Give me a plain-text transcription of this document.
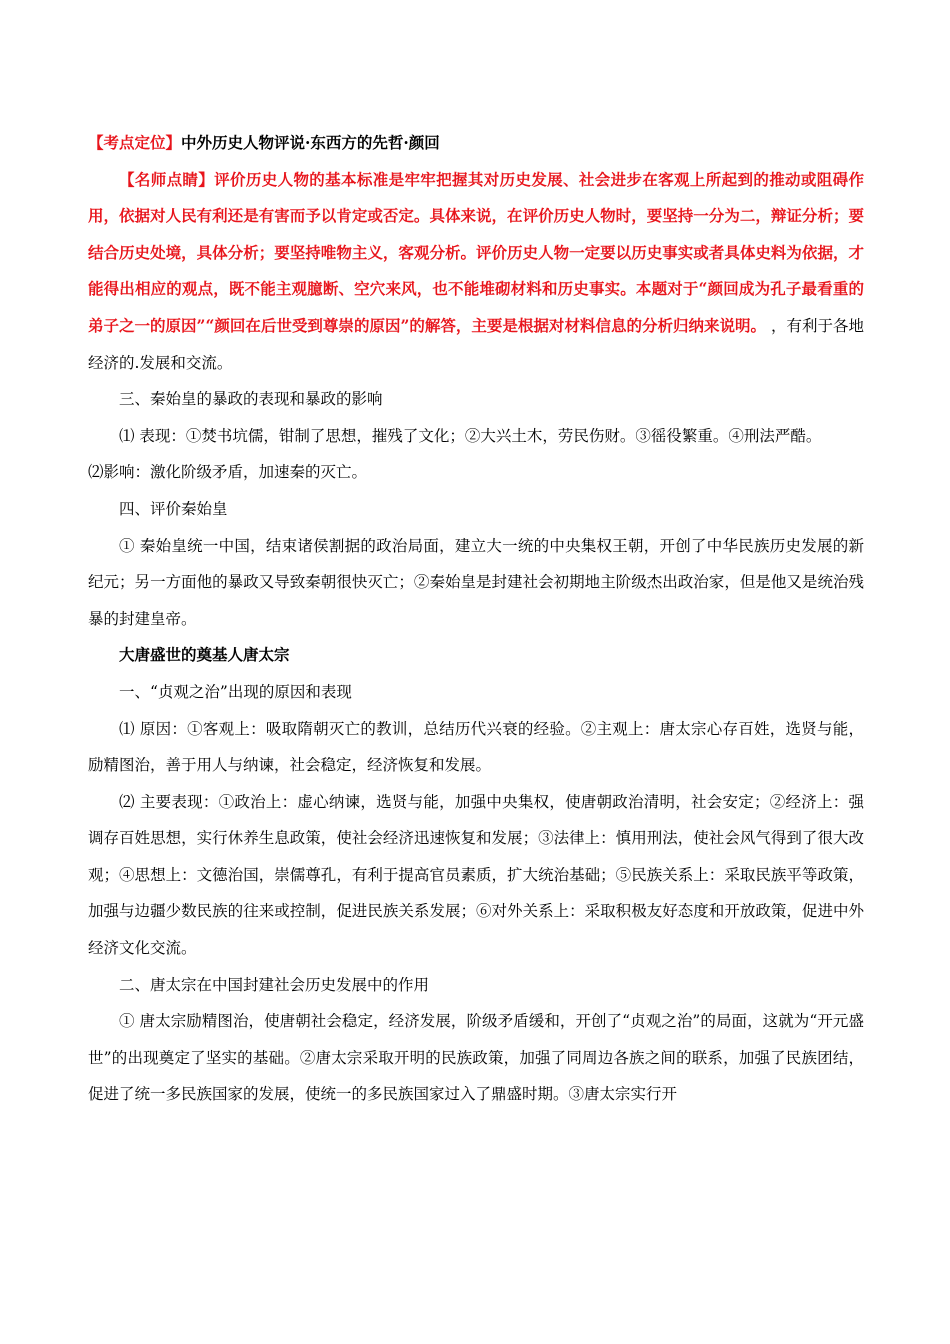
【考点定位】中外历史人物评说·东西方的先哲·颜回

【名师点睛】评价历史人物的基本标准是牢牢把握其对历史发展、社会进步在客观上所起到的推动或阻碍作用，依据对人民有利还是有害而予以肯定或否定。具体来说，在评价历史人物时，要坚持一分为二，辩证分析；要结合历史处境，具体分析；要坚持唯物主义，客观分析。评价历史人物一定要以历史事实或者具体史料为依据，才能得出相应的观点，既不能主观臆断、空穴来风，也不能堆砌材料和历史事实。本题对于“颜回成为孔子最看重的弟子之一的原因”“颜回在后世受到尊崇的原因”的解答，主要是根据对材料信息的分析归纳来说明。 ，有利于各地经济的.发展和交流。

三、秦始皇的暴政的表现和暴政的影响

⑴ 表现：①焚书坑儒，钳制了思想，摧残了文化；②大兴土木，劳民伤财。③徭役繁重。④刑法严酷。

⑵影响：激化阶级矛盾，加速秦的灭亡。

四、评价秦始皇

① 秦始皇统一中国，结束诸侯割据的政治局面，建立大一统的中央集权王朝，开创了中华民族历史发展的新纪元；另一方面他的暴政又导致秦朝很快灭亡；②秦始皇是封建社会初期地主阶级杰出政治家，但是他又是统治残暴的封建皇帝。

大唐盛世的奠基人唐太宗

一、“贞观之治”出现的原因和表现

⑴ 原因：①客观上：吸取隋朝灭亡的教训，总结历代兴衰的经验。②主观上：唐太宗心存百姓，选贤与能，励精图治，善于用人与纳谏，社会稳定，经济恢复和发展。

⑵ 主要表现：①政治上：虚心纳谏，选贤与能，加强中央集权，使唐朝政治清明，社会安定；②经济上：强调存百姓思想，实行休养生息政策，使社会经济迅速恢复和发展；③法律上：慎用刑法，使社会风气得到了很大改观；④思想上：文德治国，崇儒尊孔，有利于提高官员素质，扩大统治基础；⑤民族关系上：采取民族平等政策，加强与边疆少数民族的往来或控制，促进民族关系发展；⑥对外关系上：采取积极友好态度和开放政策，促进中外经济文化交流。

二、唐太宗在中国封建社会历史发展中的作用

① 唐太宗励精图治，使唐朝社会稳定，经济发展，阶级矛盾缓和，开创了“贞观之治”的局面，这就为“开元盛世”的出现奠定了坚实的基础。②唐太宗采取开明的民族政策，加强了同周边各族之间的联系，加强了民族团结，促进了统一多民族国家的发展，使统一的多民族国家过入了鼎盛时期。③唐太宗实行开
